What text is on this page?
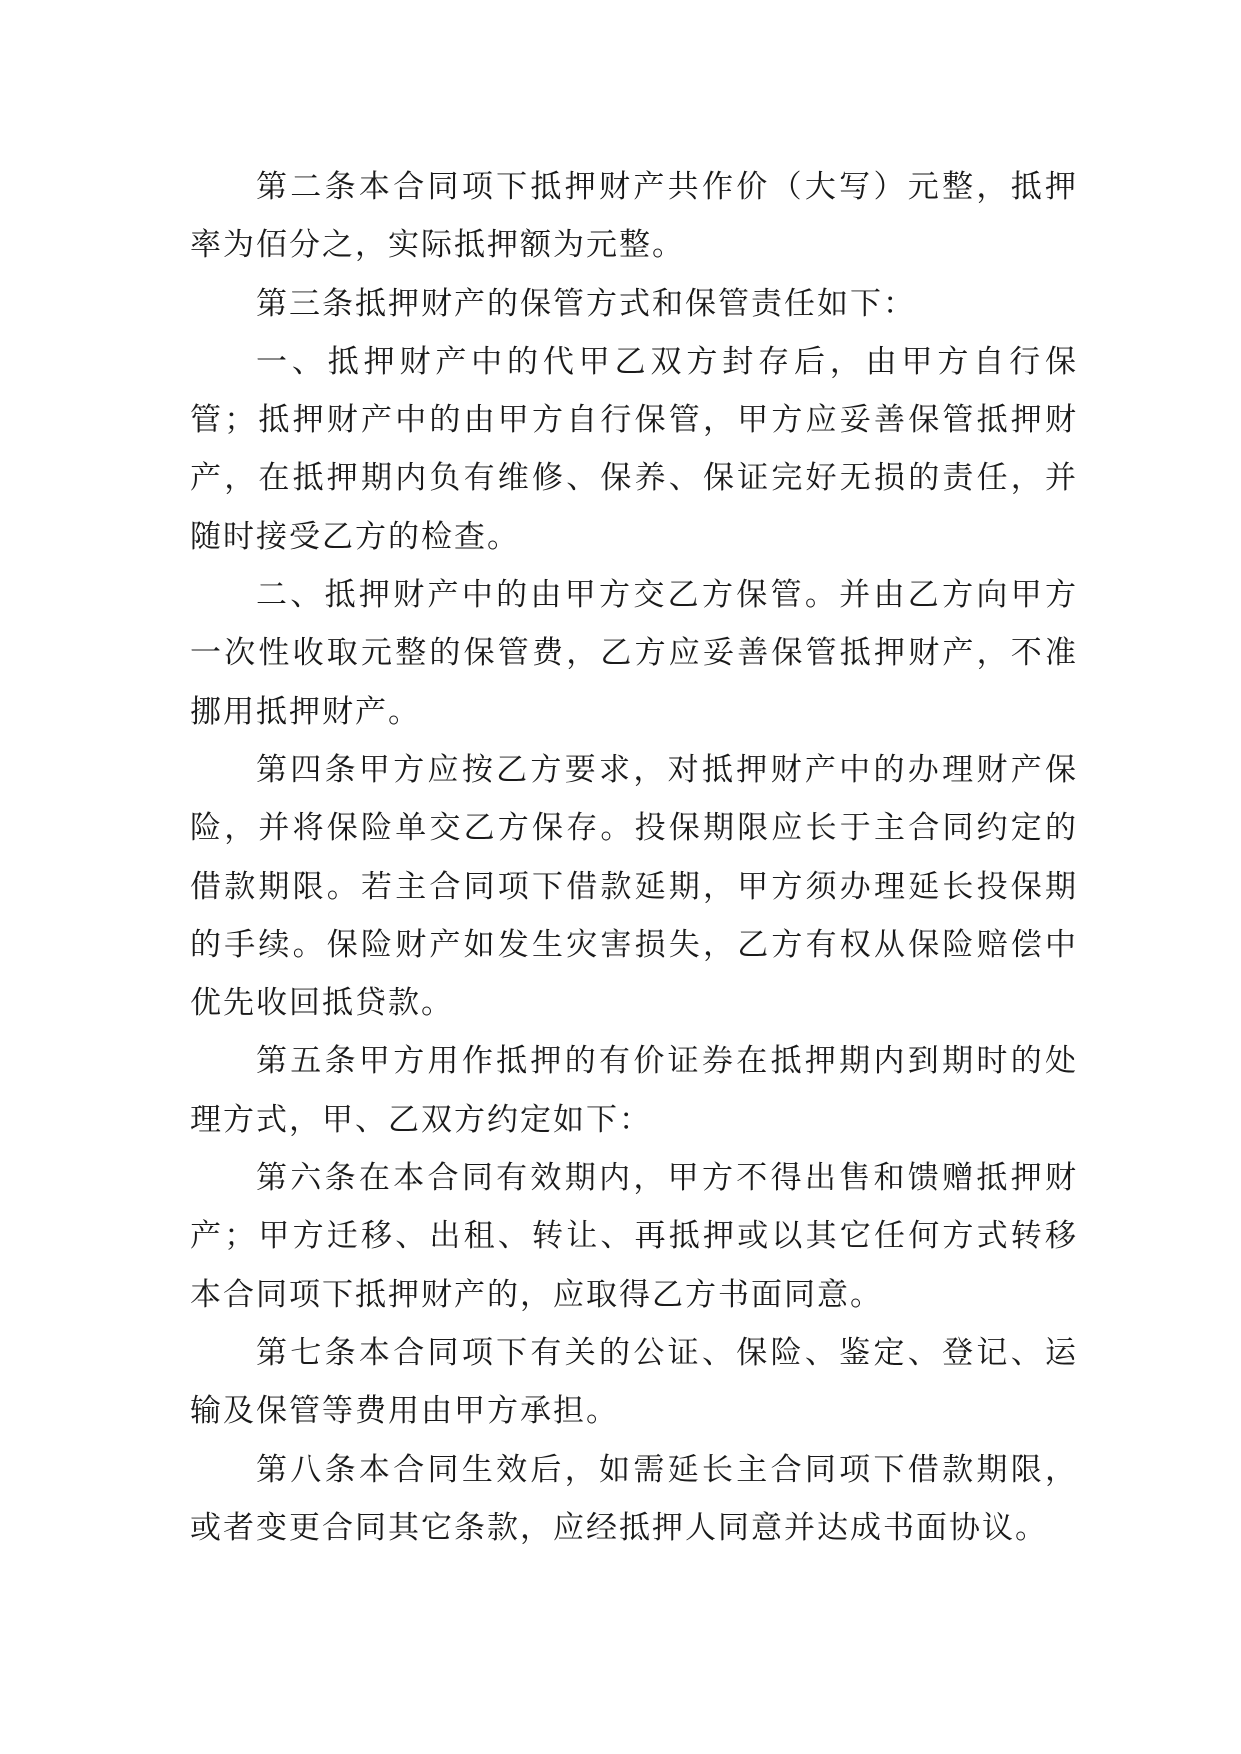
第二条本合同项下抵押财产共作价（大写）元整，抵押率为佰分之，实际抵押额为元整。

第三条抵押财产的保管方式和保管责任如下：

一、抵押财产中的代甲乙双方封存后，由甲方自行保管；抵押财产中的由甲方自行保管，甲方应妥善保管抵押财产，在抵押期内负有维修、保养、保证完好无损的责任，并随时接受乙方的检查。

二、抵押财产中的由甲方交乙方保管。并由乙方向甲方一次性收取元整的保管费，乙方应妥善保管抵押财产，不准挪用抵押财产。

第四条甲方应按乙方要求，对抵押财产中的办理财产保险，并将保险单交乙方保存。投保期限应长于主合同约定的借款期限。若主合同项下借款延期，甲方须办理延长投保期的手续。保险财产如发生灾害损失，乙方有权从保险赔偿中优先收回抵贷款。

第五条甲方用作抵押的有价证券在抵押期内到期时的处理方式，甲、乙双方约定如下：

第六条在本合同有效期内，甲方不得出售和馈赠抵押财产；甲方迁移、出租、转让、再抵押或以其它任何方式转移本合同项下抵押财产的，应取得乙方书面同意。

第七条本合同项下有关的公证、保险、鉴定、登记、运输及保管等费用由甲方承担。

第八条本合同生效后，如需延长主合同项下借款期限，或者变更合同其它条款，应经抵押人同意并达成书面协议。
